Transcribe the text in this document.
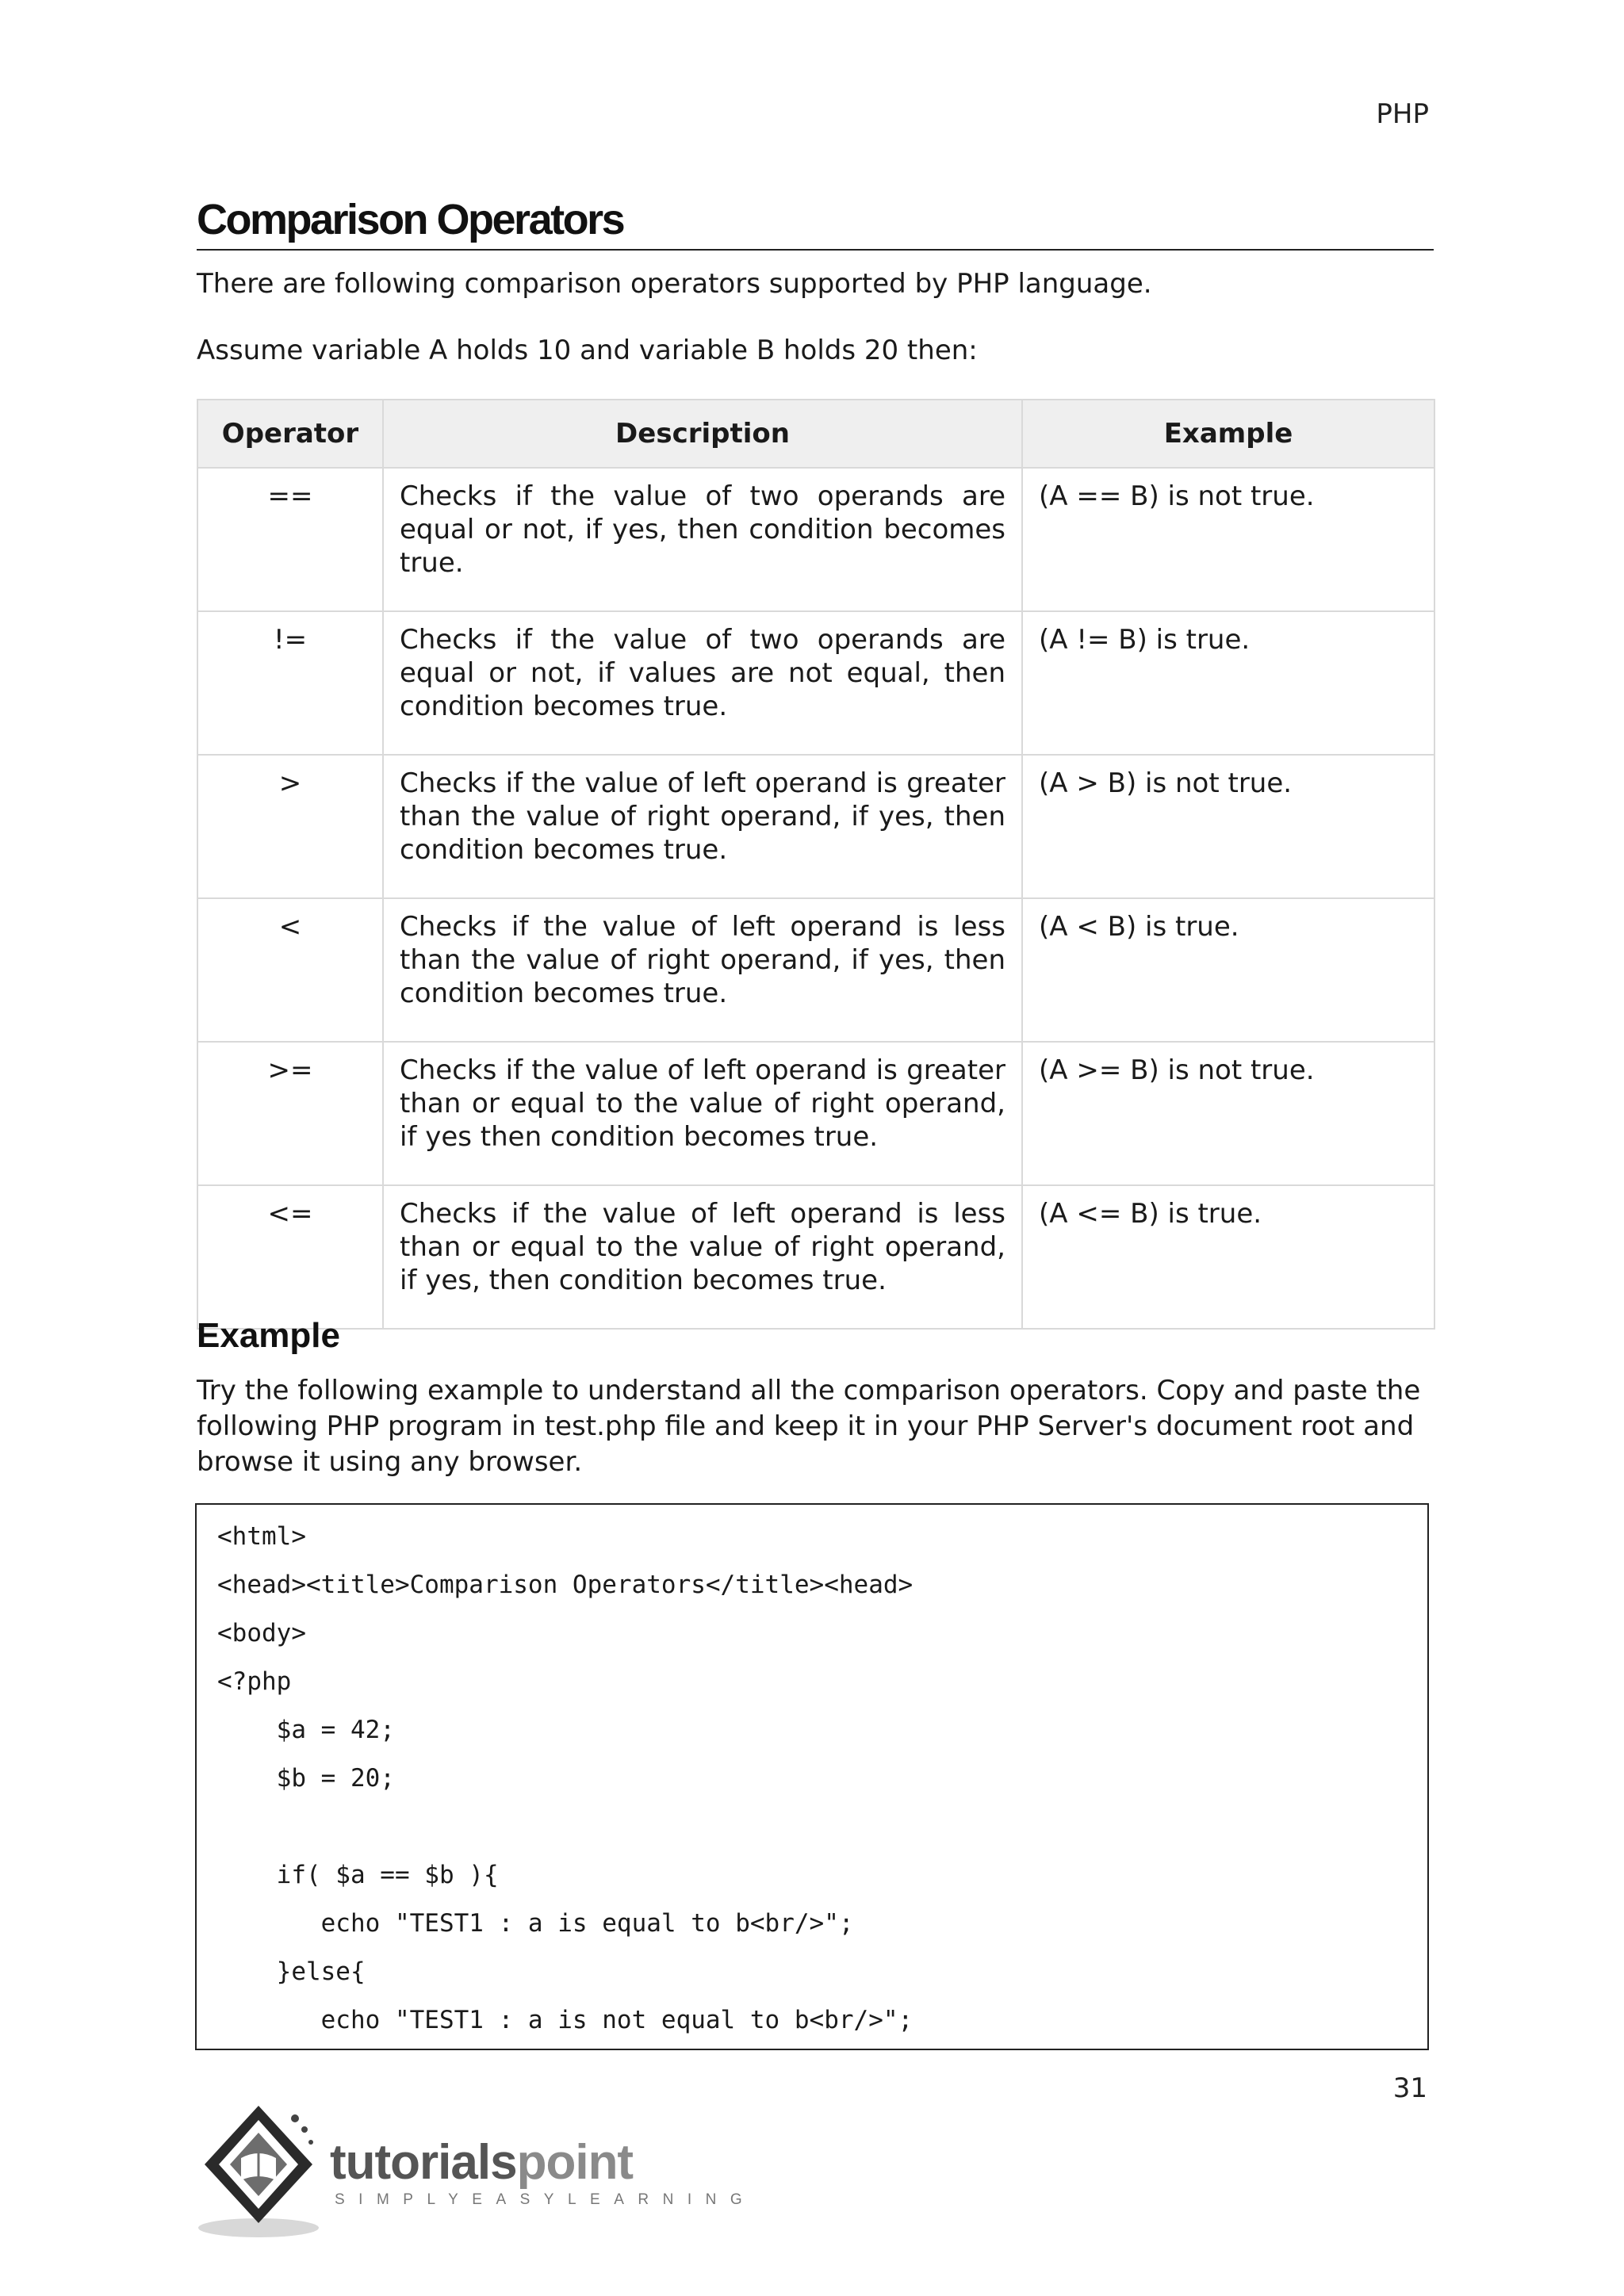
PHP
Comparison Operators

There are following comparison operators supported by PHP language.

Assume variable A holds 10 and variable B holds 20 then:

Operator	Description	Example
==	Checks if the value of two operands are equal or not, if yes, then condition becomes true.	(A == B) is not true.
!=	Checks if the value of two operands are equal or not, if values are not equal, then condition becomes true.	(A != B) is true.
>	Checks if the value of left operand is greater than the value of right operand, if yes, then condition becomes true.	(A > B) is not true.
<	Checks if the value of left operand is less than the value of right operand, if yes, then condition becomes true.	(A < B) is true.
>=	Checks if the value of left operand is greater than or equal to the value of right operand, if yes then condition becomes true.	(A >= B) is not true.
<=	Checks if the value of left operand is less than or equal to the value of right operand, if yes, then condition becomes true.	(A <= B) is true.
Example

Try the following example to understand all the comparison operators. Copy and paste the following PHP program in test.php file and keep it in your PHP Server's document root and browse it using any browser.

<html>
<head><title>Comparison Operators</title><head>
<body>
<?php
$a = 42;
$b = 20;
if( $a == $b ){
echo "TEST1 : a is equal to b<br/>";
}else{
echo "TEST1 : a is not equal to b<br/>";
31
tutorialspoint
SIMPLYEASYLEARNING
